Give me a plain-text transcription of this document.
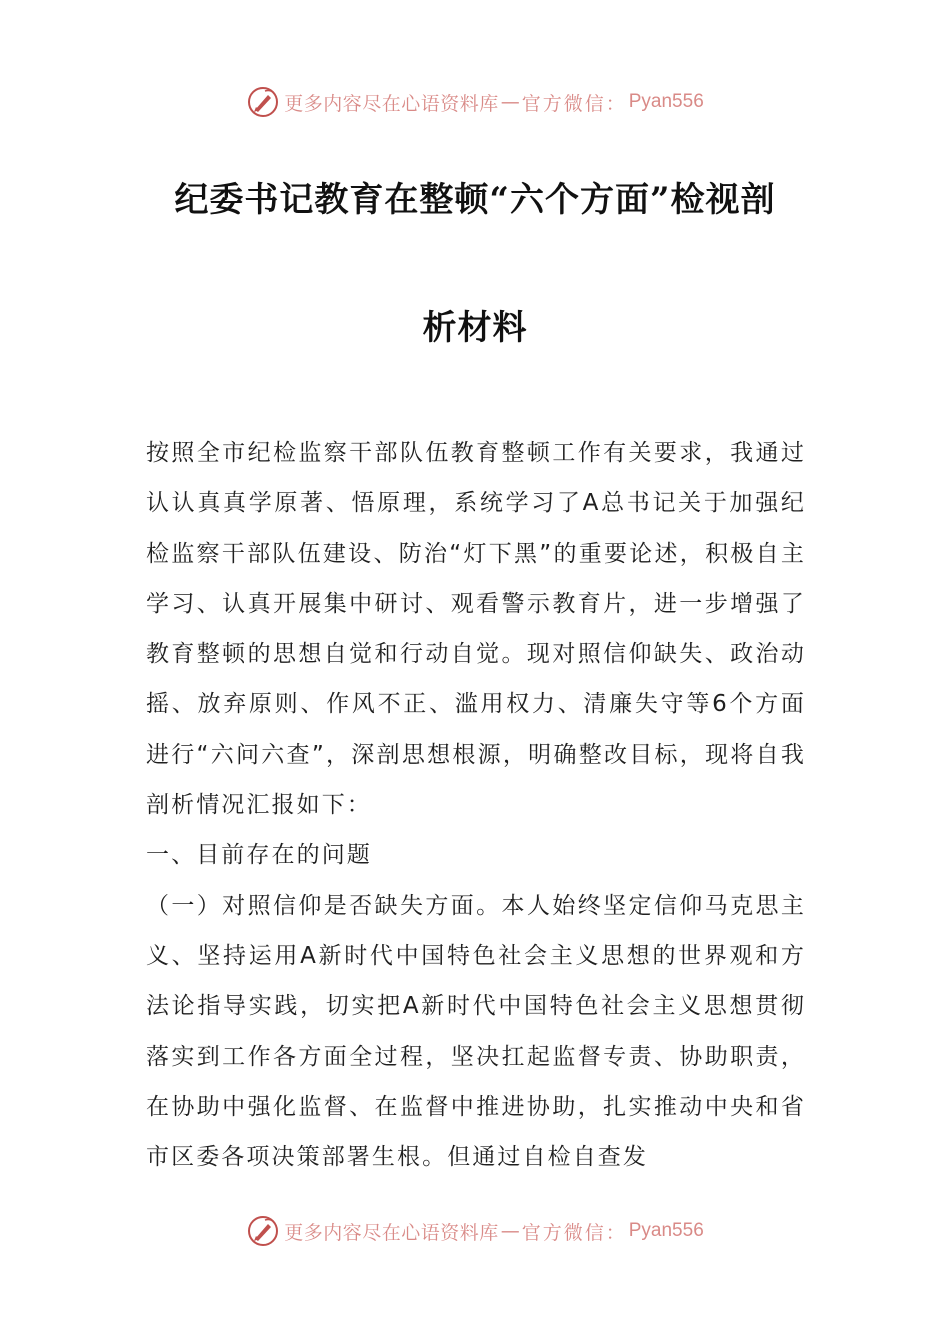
更多内容尽在心语资料库 — 官方微信： Pyan556
纪委书记教育在整顿“六个方面”检视剖
析材料

按照全市纪检监察干部队伍教育整顿工作有关要求，我通过认认真真学原著、悟原理，系统学习了A总书记关于加强纪检监察干部队伍建设、防治“灯下黑”的重要论述，积极自主学习、认真开展集中研讨、观看警示教育片，进一步增强了教育整顿的思想自觉和行动自觉。现对照信仰缺失、政治动摇、放弃原则、作风不正、滥用权力、清廉失守等6个方面进行“六问六查”，深剖思想根源，明确整改目标，现将自我剖析情况汇报如下：

一、目前存在的问题

（一）对照信仰是否缺失方面。本人始终坚定信仰马克思主义、坚持运用A新时代中国特色社会主义思想的世界观和方法论指导实践，切实把A新时代中国特色社会主义思想贯彻落实到工作各方面全过程，坚决扛起监督专责、协助职责，在协助中强化监督、在监督中推进协助，扎实推动中央和省市区委各项决策部署生根。但通过自检自查发

更多内容尽在心语资料库 — 官方微信： Pyan556
